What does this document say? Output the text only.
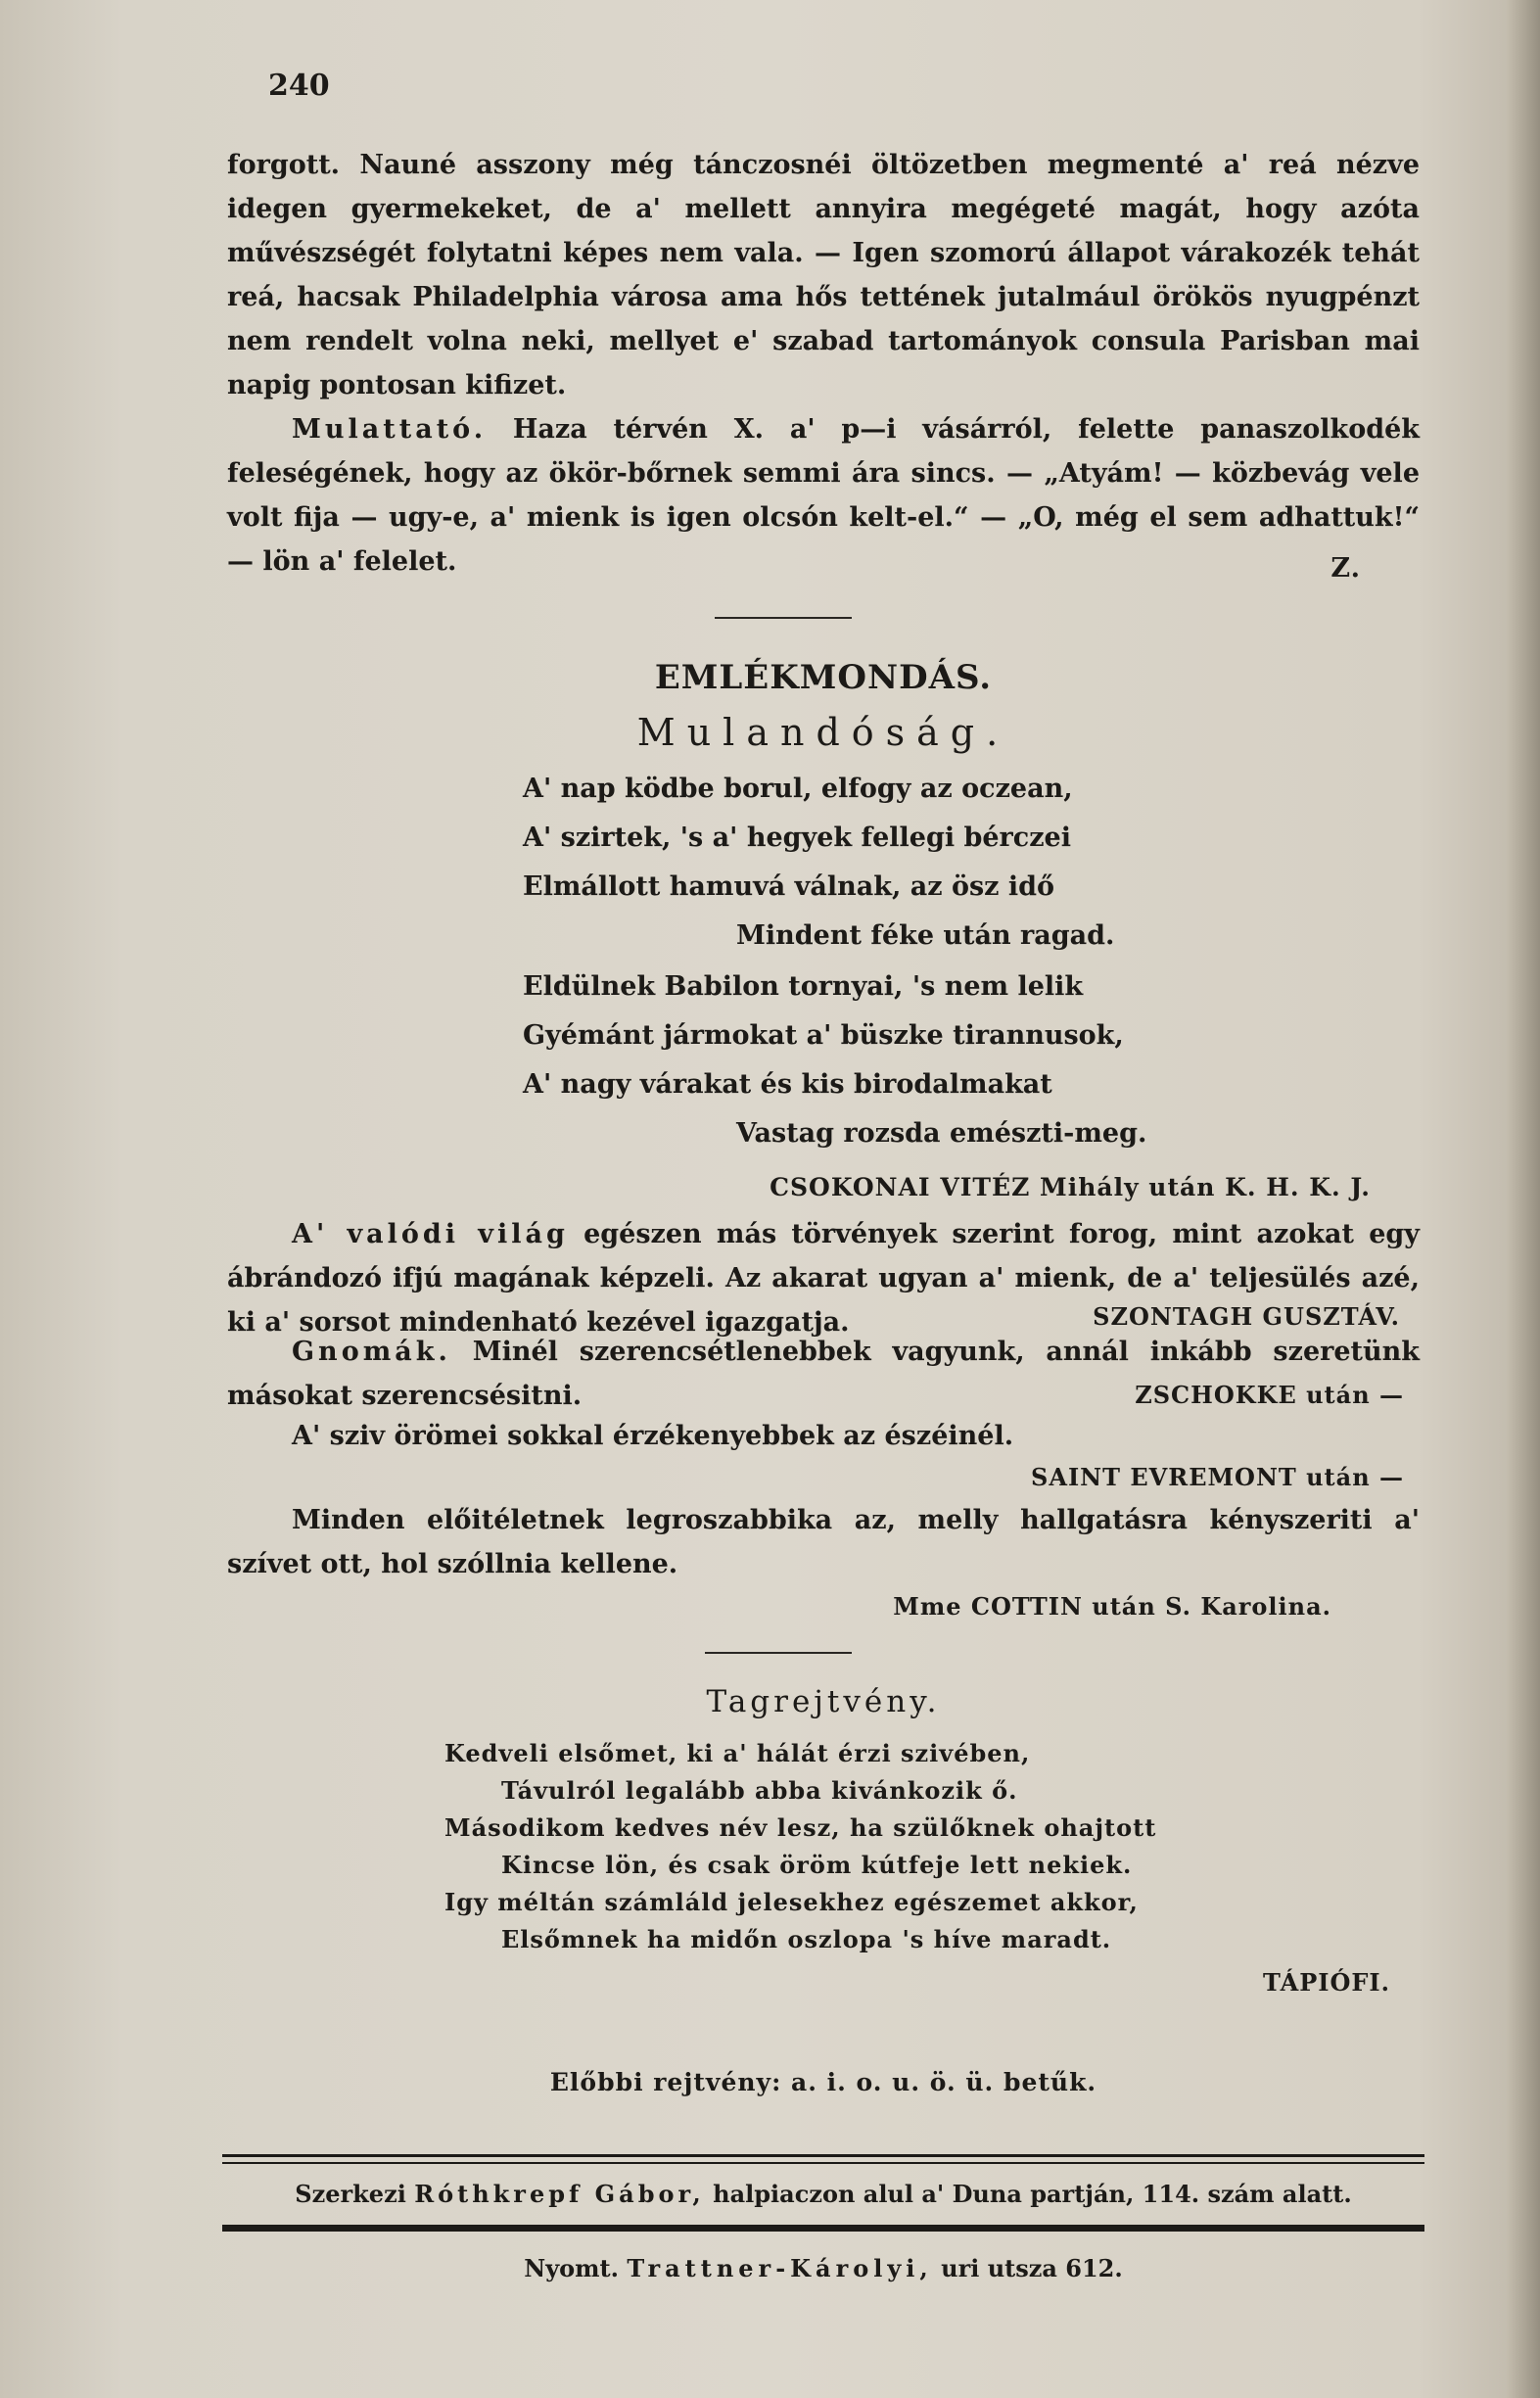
240

forgott. Nauné asszony még tánczosnéi öltözetben megmenté a' reá nézve idegen gyermekeket, de a' mellett annyira megégeté magát, hogy azóta művészségét folytatni képes nem vala. — Igen szomorú állapot várakozék tehát reá, hacsak Philadelphia városa ama hős tettének jutalmául örökös nyugpénzt nem rendelt volna neki, mellyet e' szabad tartományok consula Parisban mai napig pontosan kifizet.

Mulattató. Haza térvén X. a' p—i vásárról, felette panaszolkodék feleségének, hogy az ökör-bőrnek semmi ára sincs. — „Atyám! — közbevág vele volt fija — ugy-e, a' mienk is igen olcsón kelt-el.“ — „O, még el sem adhattuk!“ — lön a' felelet.	Z.
EMLÉKMONDÁS.
Mulandóság.
A' nap ködbe borul, elfogy az oczean,
A' szirtek, 's a' hegyek fellegi bérczei
Elmállott hamuvá válnak, az ösz idő
Mindent féke után ragad.
Eldülnek Babilon tornyai, 's nem lelik
Gyémánt jármokat a' büszke tirannusok,
A' nagy várakat és kis birodalmakat
Vastag rozsda emészti-meg.
CSOKONAI VITÉZ Mihály után K. H. K. J.

A' valódi világ egészen más törvények szerint forog, mint azokat egy ábrándozó ifjú magának képzeli. Az akarat ugyan a' mienk, de a' teljesülés azé, ki a' sorsot mindenható kezével igazgatja.	SZONTAGH GUSZTÁV.

Gnomák. Minél szerencsétlenebbek vagyunk, annál inkább szeretünk másokat szerencsésitni.	ZSCHOKKE után —

A' sziv örömei sokkal érzékenyebbek az észéinél.

SAINT EVREMONT után —

Minden előitéletnek legroszabbika az, melly hallgatásra kényszeriti a' szívet ott, hol szóllnia kellene.

Mme COTTIN után S. Karolina.
Tagrejtvény.
Kedveli elsőmet, ki a' hálát érzi szivében,
Távulról legalább abba kivánkozik ő.
Másodikom kedves név lesz, ha szülőknek ohajtott
Kincse lön, és csak öröm kútfeje lett nekiek.
Igy méltán számláld jelesekhez egészemet akkor,
Elsőmnek ha midőn oszlopa 's híve maradt.
TÁPIÓFI.
Előbbi rejtvény: a. i. o. u. ö. ü. betűk.
Szerkezi Róthkrepf Gábor, halpiaczon alul a' Duna partján, 114. szám alatt.
Nyomt. Trattner-Károlyi, uri utsza 612.
